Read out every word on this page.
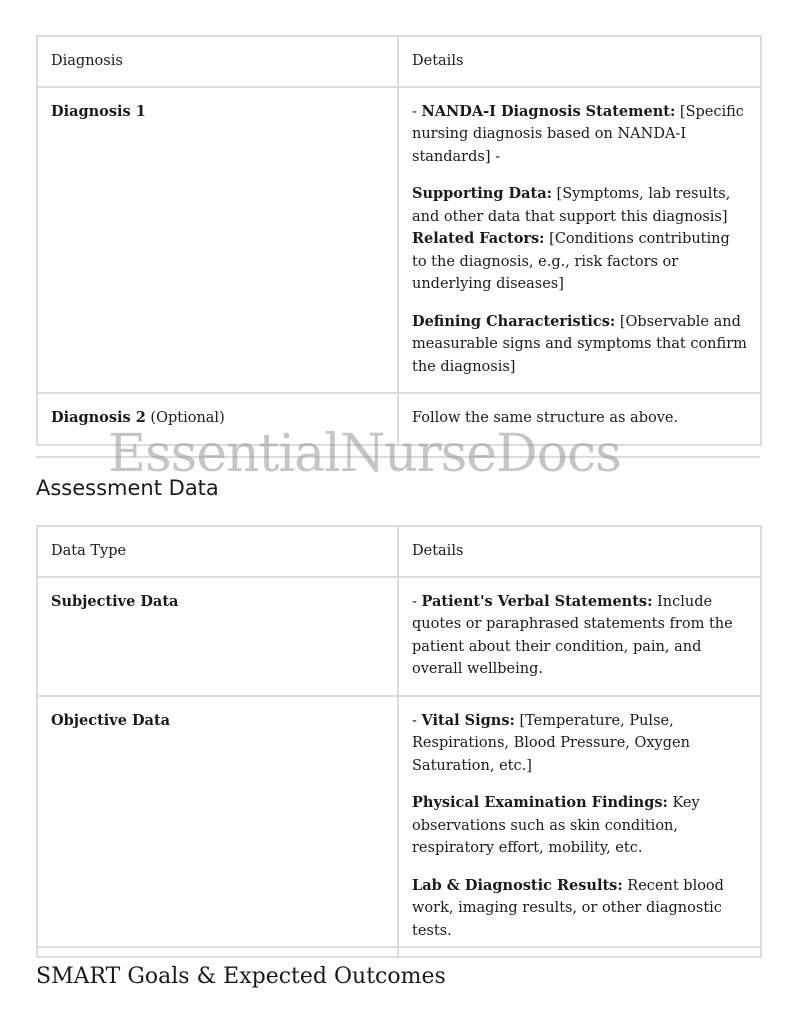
Diagnosis	Details
Diagnosis 1	- NANDA-I Diagnosis Statement: [Specific nursing diagnosis based on NANDA-I standards] -

Supporting Data: [Symptoms, lab results, and other data that support this diagnosis]
Related Factors: [Conditions contributing to the diagnosis, e.g., risk factors or underlying diseases]

Defining Characteristics: [Observable and measurable signs and symptoms that confirm the diagnosis]

Diagnosis 2 (Optional)	Follow the same structure as above.
EssentialNurseDocs
Assessment Data
Data Type	Details
Subjective Data	- Patient's Verbal Statements: Include quotes or paraphrased statements from the patient about their condition, pain, and overall wellbeing.

Objective Data	- Vital Signs: [Temperature, Pulse, Respirations, Blood Pressure, Oxygen Saturation, etc.]

Physical Examination Findings: Key observations such as skin condition, respiratory effort, mobility, etc.

Lab & Diagnostic Results: Recent blood work, imaging results, or other diagnostic tests.

SMART Goals & Expected Outcomes
